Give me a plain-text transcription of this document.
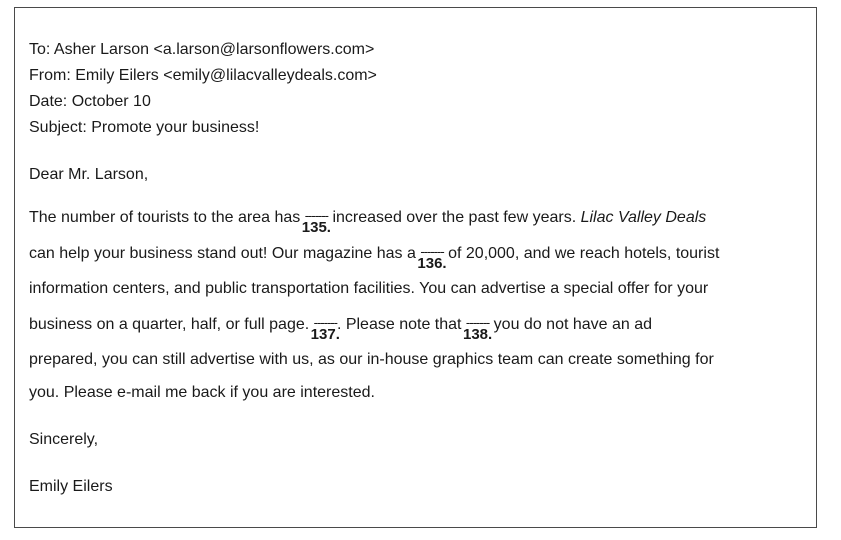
To: Asher Larson <a.larson@larsonflowers.com>
From: Emily Eilers <emily@lilacvalleydeals.com>
Date: October 10
Subject: Promote your business!
Dear Mr. Larson,
The number of tourists to the area has -------
135.
increased over the past few years. Lilac Valley Deals
can help your business stand out! Our magazine has a -------
136.
of 20,000, and we reach hotels, tourist
information centers, and public transportation facilities. You can advertise a special offer for your
business on a quarter, half, or full page. -------
137.
. Please note that -------
138.
you do not have an ad
prepared, you can still advertise with us, as our in-house graphics team can create something for
you. Please e-mail me back if you are interested.
Sincerely,
Emily Eilers
